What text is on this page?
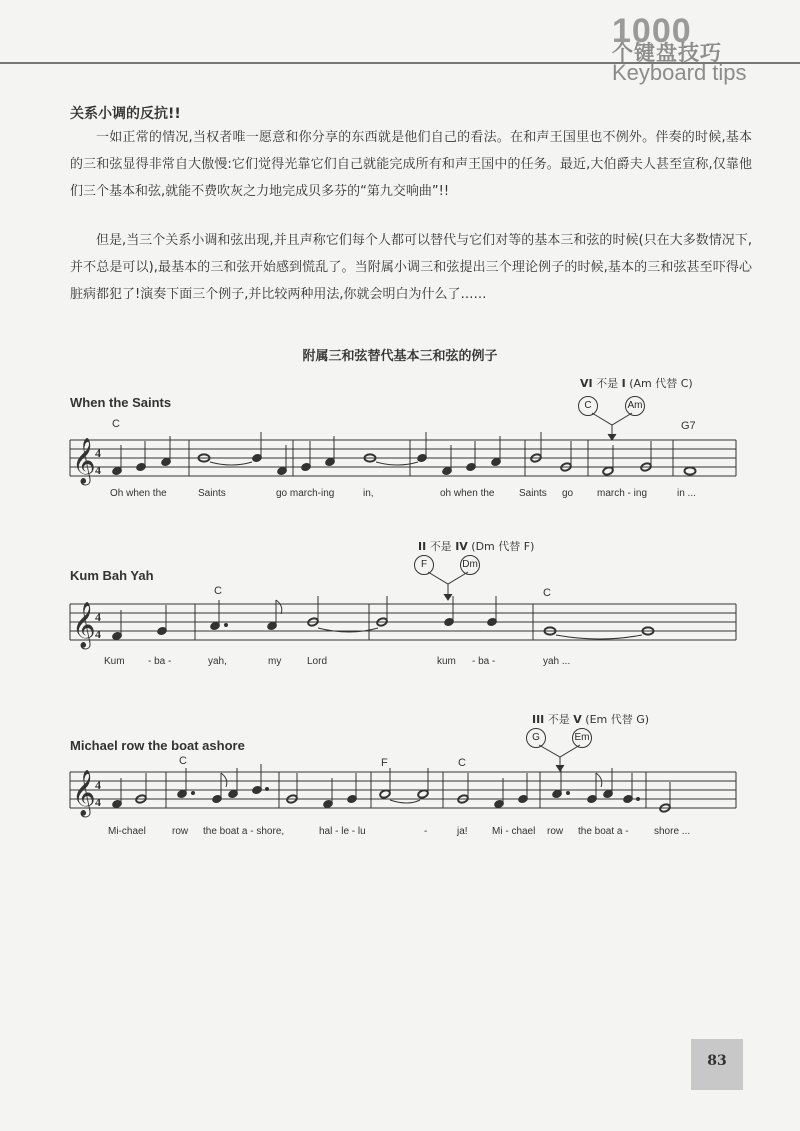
1000
个键盘技巧
Keyboard tips
关系小调的反抗!!

一如正常的情况,当权者唯一愿意和你分享的东西就是他们自己的看法。在和声王国里也不例外。伴奏的时候,基本的三和弦显得非常自大傲慢:它们觉得光靠它们自己就能完成所有和声王国中的任务。最近,大伯爵夫人甚至宣称,仅靠他们三个基本和弦,就能不费吹灰之力地完成贝多芬的“第九交响曲”!!

但是,当三个关系小调和弦出现,并且声称它们每个人都可以替代与它们对等的基本三和弦的时候(只在大多数情况下,并不总是可以),最基本的三和弦开始感到慌乱了。当附属小调三和弦提出三个理论例子的时候,基本的三和弦甚至吓得心脏病都犯了!演奏下面三个例子,并比较两种用法,你就会明白为什么了……

附属三和弦替代基本三和弦的例子
When the Saints
VI 不是 I (Am 代替 C)
C	Am
C	G7
𝄞
𝄞
𝄞
4
4
4
4
4
4
Oh when the	Saints	go march-ing	in,	oh when the Saints go march - ing	in ...
Kum Bah Yah
II 不是 IV (Dm 代替 F)
F	Dm
C	C
Kum - ba -	yah,	my	Lord	kum - ba -	yah ...
Michael row the boat ashore
III 不是 V (Em 代替 G)
G	Em
C	F	C
Mi-chael	row the boat a - shore,	hal - le - lu	-	ja! Mi - chael row the boat a -	shore ...
83
